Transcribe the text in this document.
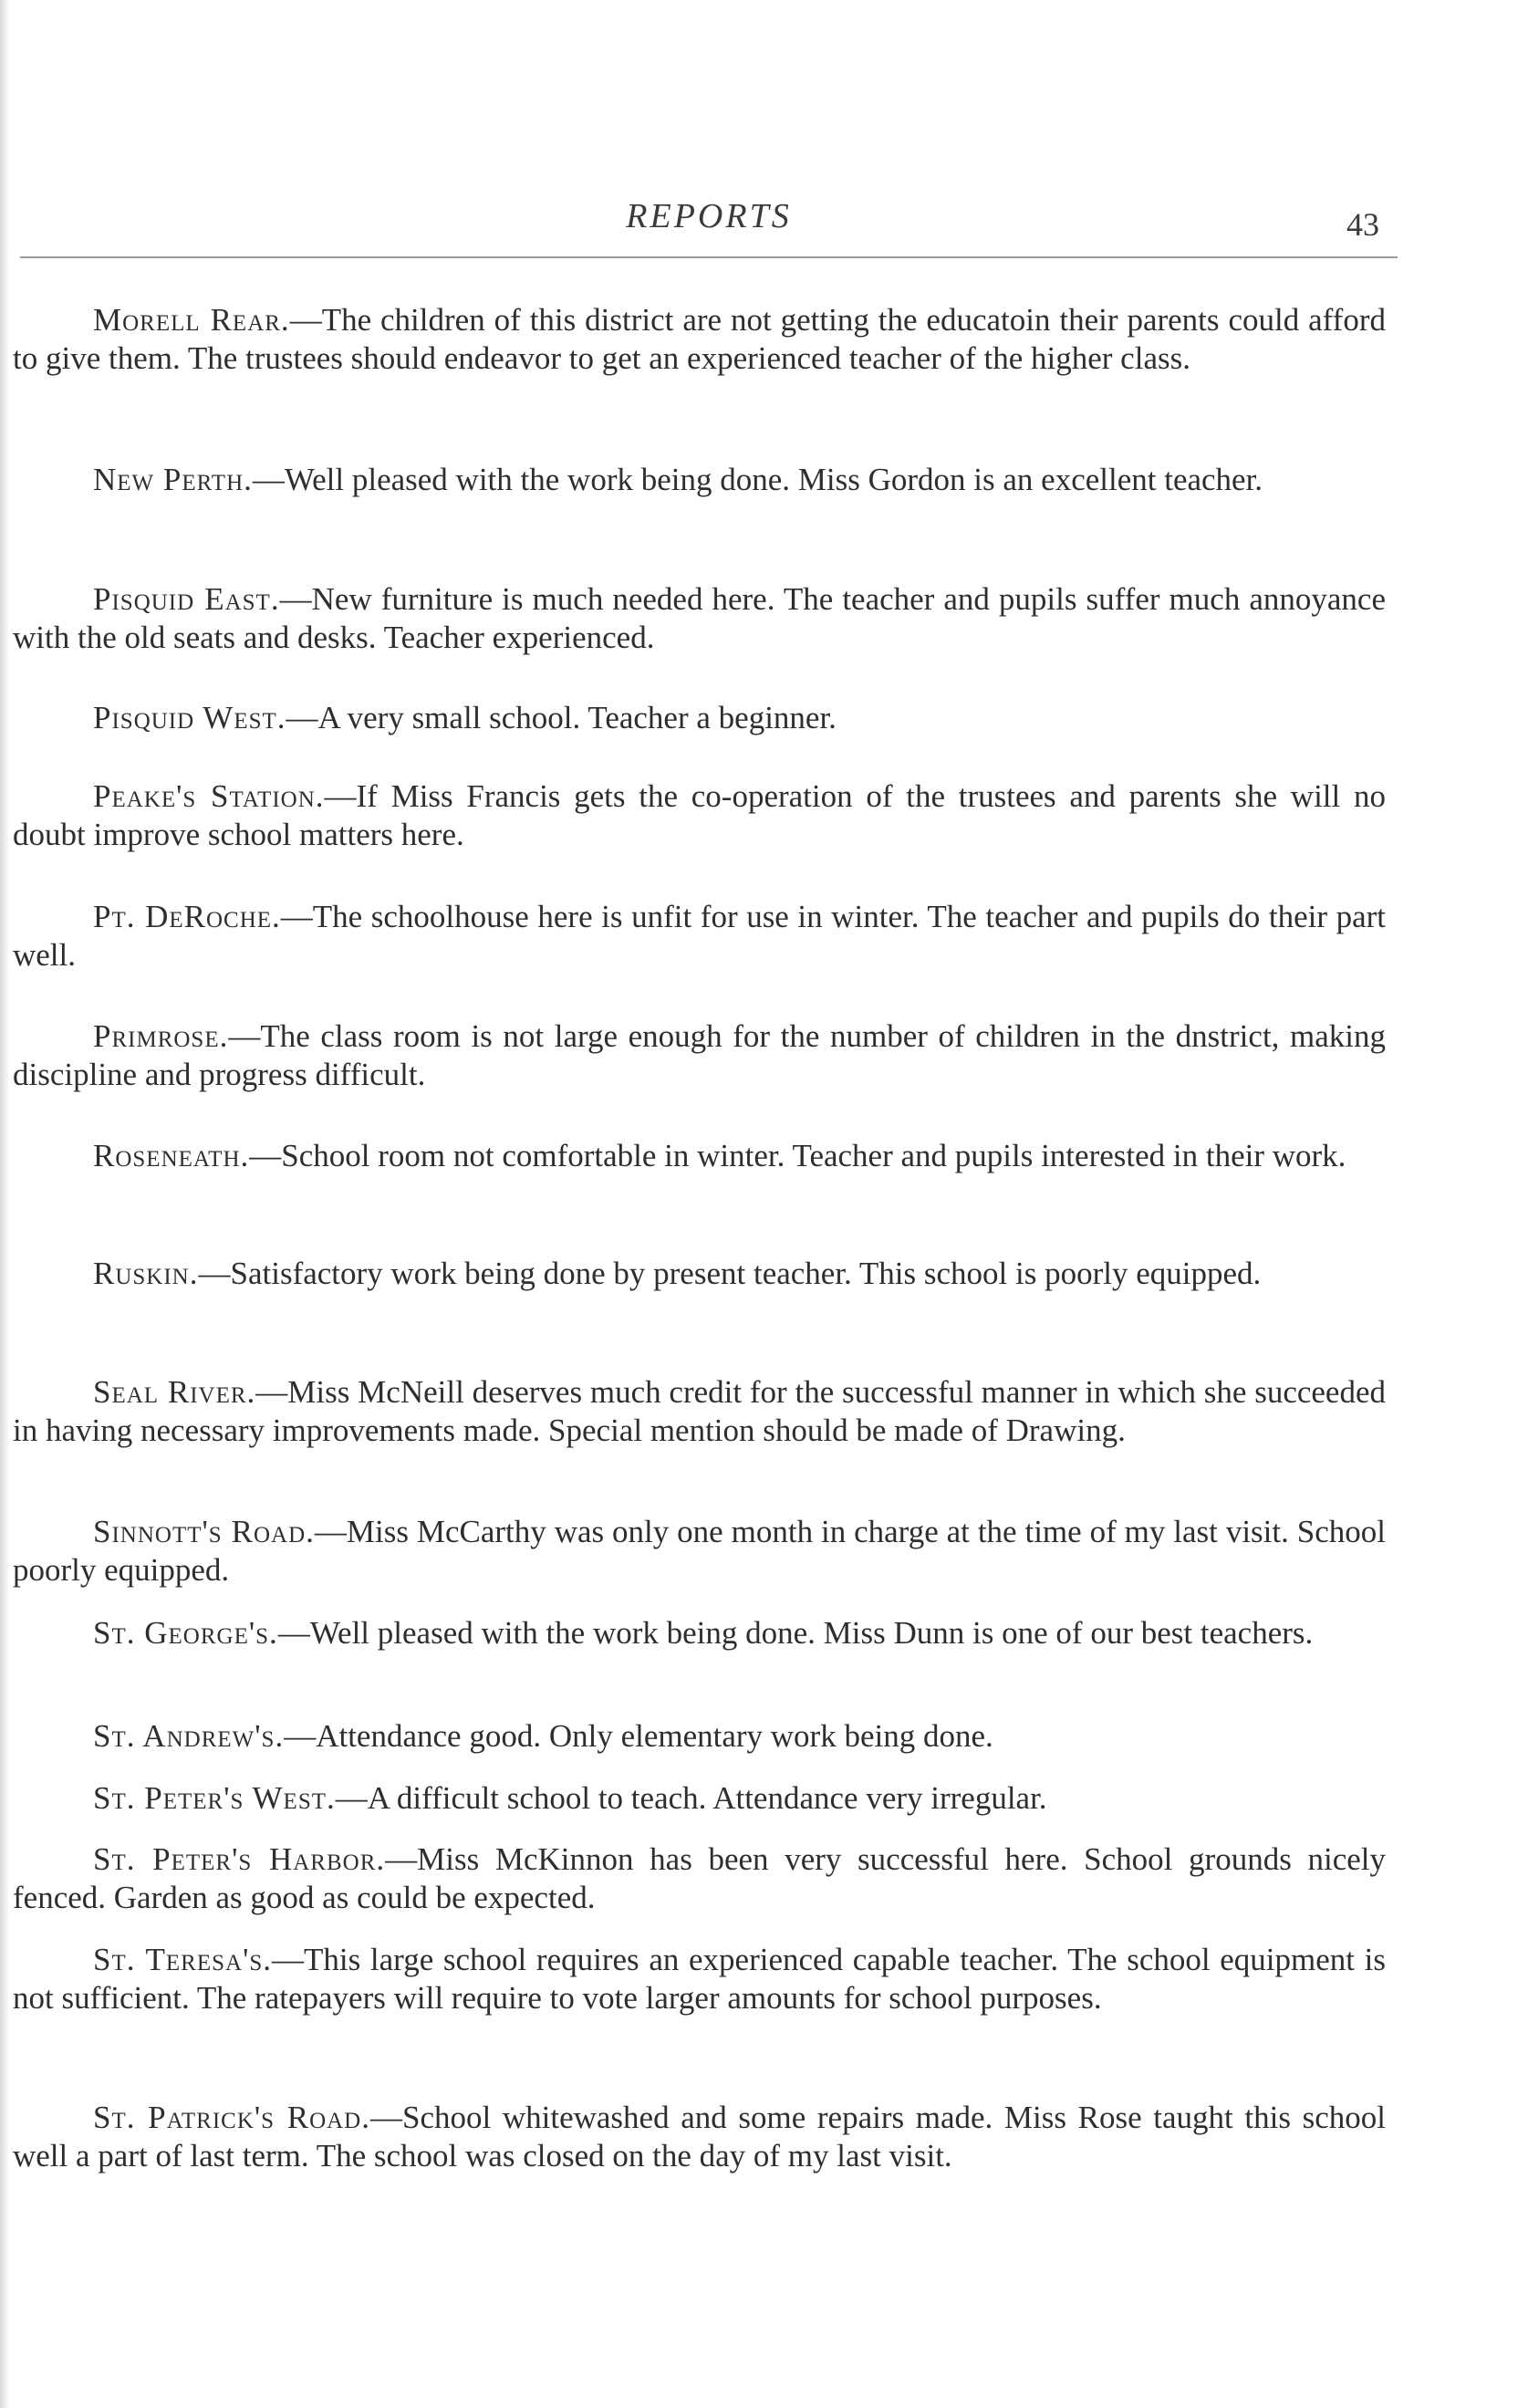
REPORTS	43

Morell Rear.—The children of this district are not getting the educatoin their parents could afford to give them. The trustees should endeavor to get an experienced teacher of the higher class.

New Perth.—Well pleased with the work being done. Miss Gordon is an excellent teacher.

Pisquid East.—New furniture is much needed here. The teacher and pupils suffer much annoyance with the old seats and desks. Teacher experienced.

Pisquid West.—A very small school. Teacher a beginner.

Peake's Station.—If Miss Francis gets the co-operation of the trustees and parents she will no doubt improve school matters here.

Pt. DeRoche.—The schoolhouse here is unfit for use in winter. The teacher and pupils do their part well.

Primrose.—The class room is not large enough for the number of children in the dnstrict, making discipline and progress difficult.

Roseneath.—School room not comfortable in winter. Teacher and pupils interested in their work.

Ruskin.—Satisfactory work being done by present teacher. This school is poorly equipped.

Seal River.—Miss McNeill deserves much credit for the successful manner in which she succeeded in having necessary improvements made. Special mention should be made of Drawing.

Sinnott's Road.—Miss McCarthy was only one month in charge at the time of my last visit. School poorly equipped.

St. George's.—Well pleased with the work being done. Miss Dunn is one of our best teachers.

St. Andrew's.—Attendance good. Only elementary work being done.

St. Peter's West.—A difficult school to teach. Attendance very irregular.

St. Peter's Harbor.—Miss McKinnon has been very successful here. School grounds nicely fenced. Garden as good as could be expected.

St. Teresa's.—This large school requires an experienced capable teacher. The school equipment is not sufficient. The ratepayers will require to vote larger amounts for school purposes.

St. Patrick's Road.—School whitewashed and some repairs made. Miss Rose taught this school well a part of last term. The school was closed on the day of my last visit.
